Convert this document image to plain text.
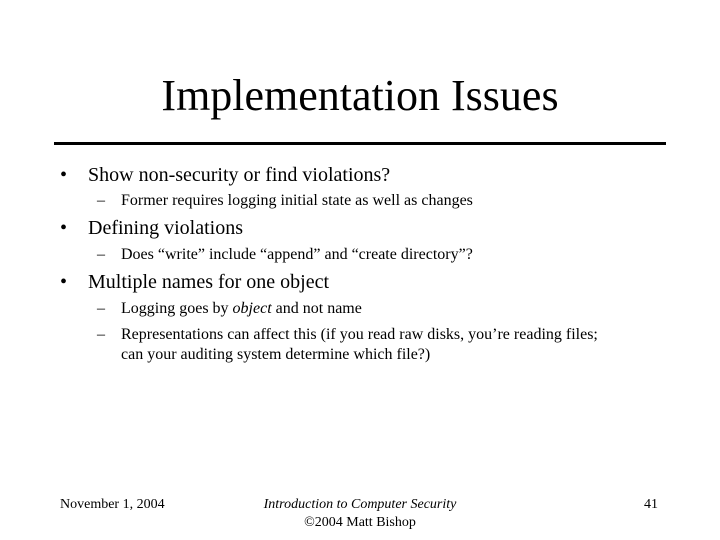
Implementation Issues
• Show non-security or find violations?
– Former requires logging initial state as well as changes
• Defining violations
– Does “write” include “append” and “create directory”?
• Multiple names for one object
– Logging goes by object and not name
– Representations can affect this (if you read raw disks, you’re reading files;
can your auditing system determine which file?)
November 1, 2004	Introduction to Computer Security
©2004 Matt Bishop
41
